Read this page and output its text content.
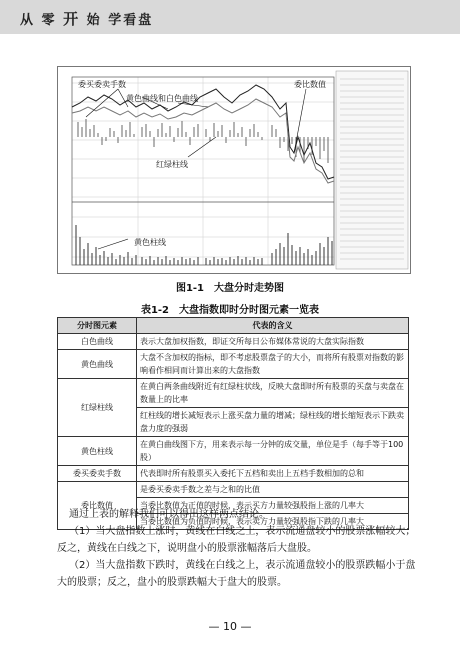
从 零 开 始 学看盘
委买委卖手数
黄色曲线和白色曲线
委比数值
红绿柱线
黄色柱线
图1-1　大盘分时走势图
表1-2　大盘指数即时分时图元素一览表
分时图元素	代表的含义
白色曲线	表示大盘加权指数，即证交所每日公布媒体常说的大盘实际指数
黄色曲线	大盘不含加权的指标，即不考虑股票盘子的大小，而将所有股票对指数的影响看作相同而计算出来的大盘指数
红绿柱线	在黄白两条曲线附近有红绿柱状线，反映大盘即时所有股票的买盘与卖盘在数量上的比率
	红柱线的增长减短表示上涨买盘力量的增减；绿柱线的增长缩短表示下跌卖盘力度的强弱
黄色柱线	在黄白曲线图下方，用来表示每一分钟的成交量，单位是手（每手等于100股）
委买委卖手数	代表即时所有股票买入委托下五档和卖出上五档手数相加的总和
委比数值	是委买委卖手数之差与之和的比值
	当委比数值为正值的时候，表示买方力量较强股指上涨的几率大
	当委比数值为负值的时候，表示卖方力量较强股指下跌的几率大

通过上表的解释我们可以得出这样两点结论。

（1）当大盘指数上涨时，黄线在白线之上，表示流通盘较小的股票涨幅较大；反之，黄线在白线之下，说明盘小的股票涨幅落后大盘股。

（2）当大盘指数下跌时，黄线在白线之上，表示流通盘较小的股票跌幅小于盘大的股票；反之，盘小的股票跌幅大于盘大的股票。

— 10 —
